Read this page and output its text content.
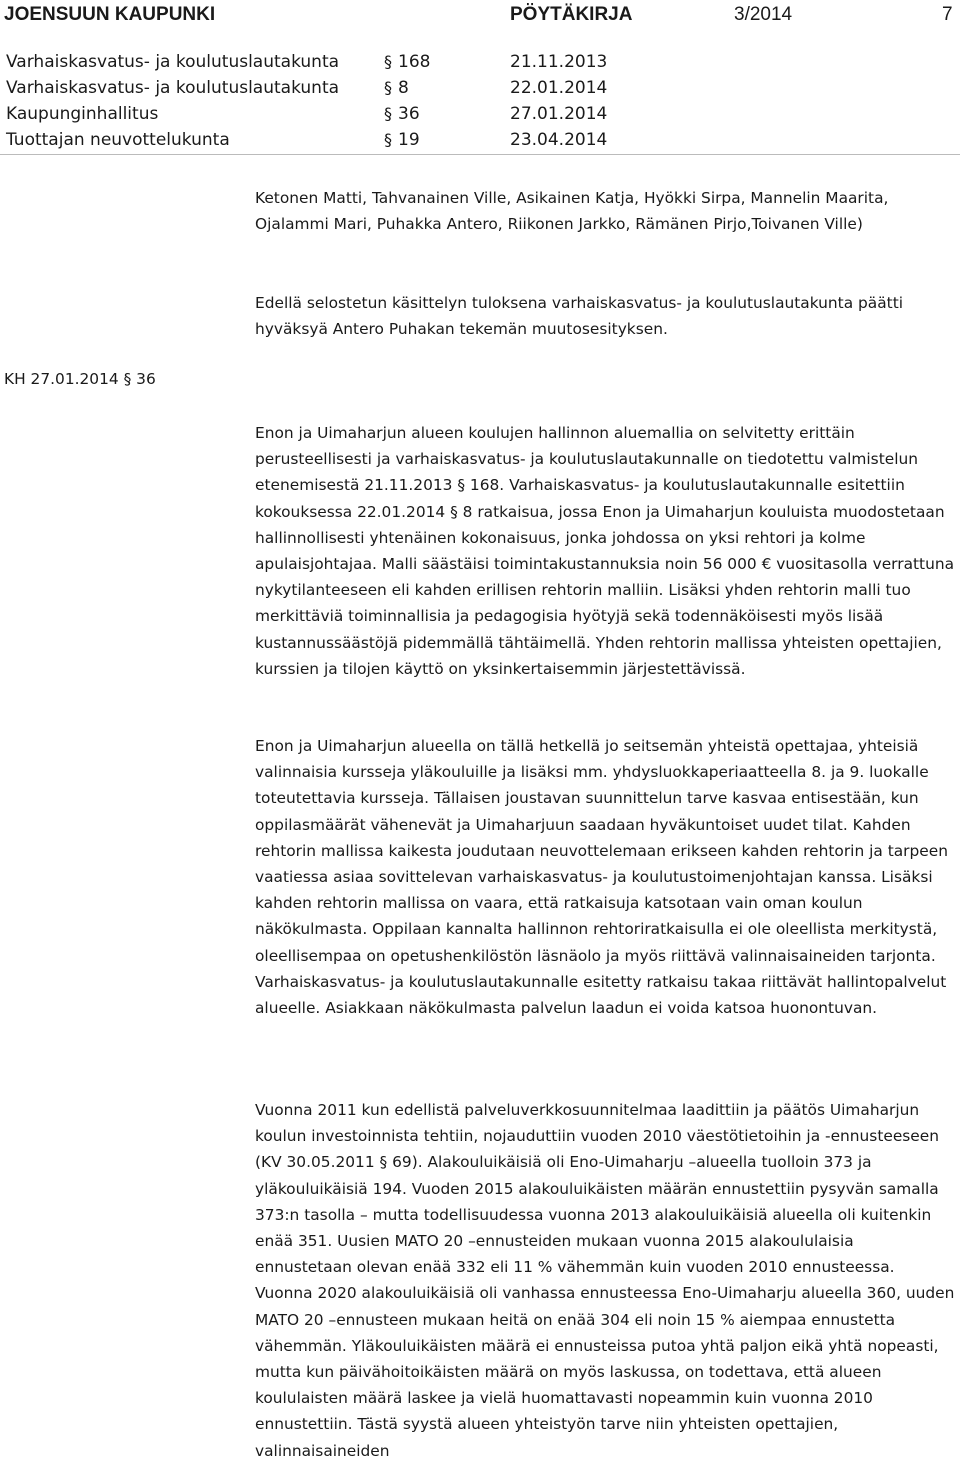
JOENSUUN KAUPUNKI	PÖYTÄKIRJA	3/2014	7
Varhaiskasvatus- ja koulutuslautakunta	§ 168	21.11.2013
Varhaiskasvatus- ja koulutuslautakunta	§ 8	22.01.2014
Kaupunginhallitus	§ 36	27.01.2014
Tuottajan neuvottelukunta	§ 19	23.04.2014

Ketonen Matti, Tahvanainen Ville, Asikainen Katja, Hyökki Sirpa, Mannelin Maarita, Ojalammi Mari, Puhakka Antero, Riikonen Jarkko, Rämänen Pirjo,Toivanen Ville)

Edellä selostetun käsittelyn tuloksena varhaiskasvatus- ja koulutuslautakunta päätti hyväksyä Antero Puhakan tekemän muutosesityksen.

KH 27.01.2014 § 36

Enon ja Uimaharjun alueen koulujen hallinnon aluemallia on selvitetty erittäin perusteellisesti ja varhaiskasvatus- ja koulutuslautakunnalle on tiedotettu valmistelun etenemisestä 21.11.2013 § 168. Varhaiskasvatus- ja koulutuslautakunnalle esitettiin kokouksessa 22.01.2014 § 8 ratkaisua, jossa Enon ja Uimaharjun kouluista muodostetaan hallinnollisesti yhtenäinen kokonaisuus, jonka johdossa on yksi rehtori ja kolme apulaisjohtajaa. Malli säästäisi toimintakustannuksia noin 56 000 € vuositasolla verrattuna nykytilanteeseen eli kahden erillisen rehtorin malliin. Lisäksi yhden rehtorin malli tuo merkittäviä toiminnallisia ja pedagogisia hyötyjä sekä todennäköisesti myös lisää kustannussäästöjä pidemmällä tähtäimellä. Yhden rehtorin mallissa yhteisten opettajien, kurssien ja tilojen käyttö on yksinkertaisemmin järjestettävissä.

Enon ja Uimaharjun alueella on tällä hetkellä jo seitsemän yhteistä opettajaa, yhteisiä valinnaisia kursseja yläkouluille ja lisäksi mm. yhdysluokkaperiaatteella 8. ja 9. luokalle toteutettavia kursseja. Tällaisen joustavan suunnittelun tarve kasvaa entisestään, kun oppilasmäärät vähenevät ja Uimaharjuun saadaan hyväkuntoiset uudet tilat. Kahden rehtorin mallissa kaikesta joudutaan neuvottelemaan erikseen kahden rehtorin ja tarpeen vaatiessa asiaa sovittelevan varhaiskasvatus- ja koulutustoimenjohtajan kanssa. Lisäksi kahden rehtorin mallissa on vaara, että ratkaisuja katsotaan vain oman koulun näkökulmasta. Oppilaan kannalta hallinnon rehtoriratkaisulla ei ole oleellista merkitystä, oleellisempaa on opetushenkilöstön läsnäolo ja myös riittävä valinnaisaineiden tarjonta. Varhaiskasvatus- ja koulutuslautakunnalle esitetty ratkaisu takaa riittävät hallintopalvelut alueelle. Asiakkaan näkökulmasta palvelun laadun ei voida katsoa huonontuvan.

Vuonna 2011 kun edellistä palveluverkkosuunnitelmaa laadittiin ja päätös Uimaharjun koulun investoinnista tehtiin, nojauduttiin vuoden 2010 väestötietoihin ja -ennusteeseen (KV 30.05.2011 § 69). Alakouluikäisiä oli Eno-Uimaharju –alueella tuolloin 373 ja yläkouluikäisiä 194. Vuoden 2015 alakouluikäisten määrän ennustettiin pysyvän samalla 373:n tasolla – mutta todellisuudessa vuonna 2013 alakouluikäisiä alueella oli kuitenkin enää 351. Uusien MATO 20 –ennusteiden mukaan vuonna 2015 alakoululaisia ennustetaan olevan enää 332 eli 11 % vähemmän kuin vuoden 2010 ennusteessa. Vuonna 2020 alakouluikäisiä oli vanhassa ennusteessa Eno-Uimaharju alueella 360, uuden MATO 20 –ennusteen mukaan heitä on enää 304 eli noin 15 % aiempaa ennustetta vähemmän. Yläkouluikäisten määrä ei ennusteissa putoa yhtä paljon eikä yhtä nopeasti, mutta kun päivähoitoikäisten määrä on myös laskussa, on todettava, että alueen koululaisten määrä laskee ja vielä huomattavasti nopeammin kuin vuonna 2010 ennustettiin. Tästä syystä alueen yhteistyön tarve niin yhteisten opettajien, valinnaisaineiden
